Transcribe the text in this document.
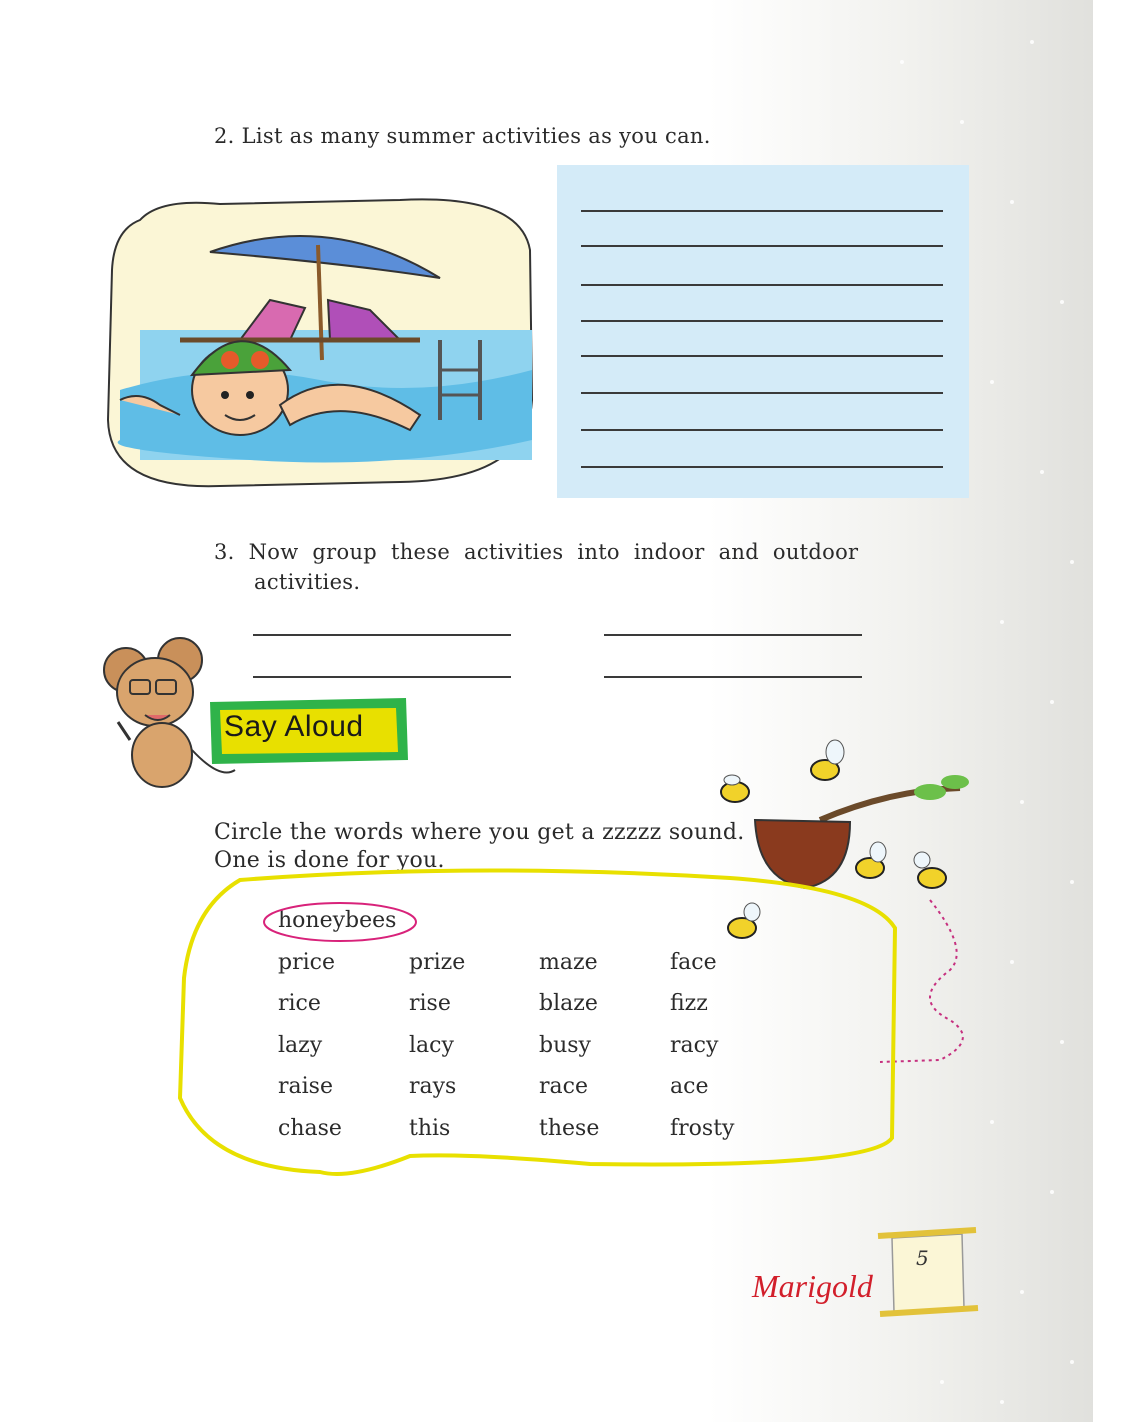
2. List as many summer activities as you can.
3.  Now  group  these  activities  into  indoor  and  outdoor
activities.
Say Aloud
Circle the words where you get a zzzzz sound.
One is done for you.
honeybees
price	prize	maze	face
rice	rise	blaze	fizz
lazy	lacy	busy	racy
raise	rays	race	ace
chase	this	these	frosty
5
Marigold
